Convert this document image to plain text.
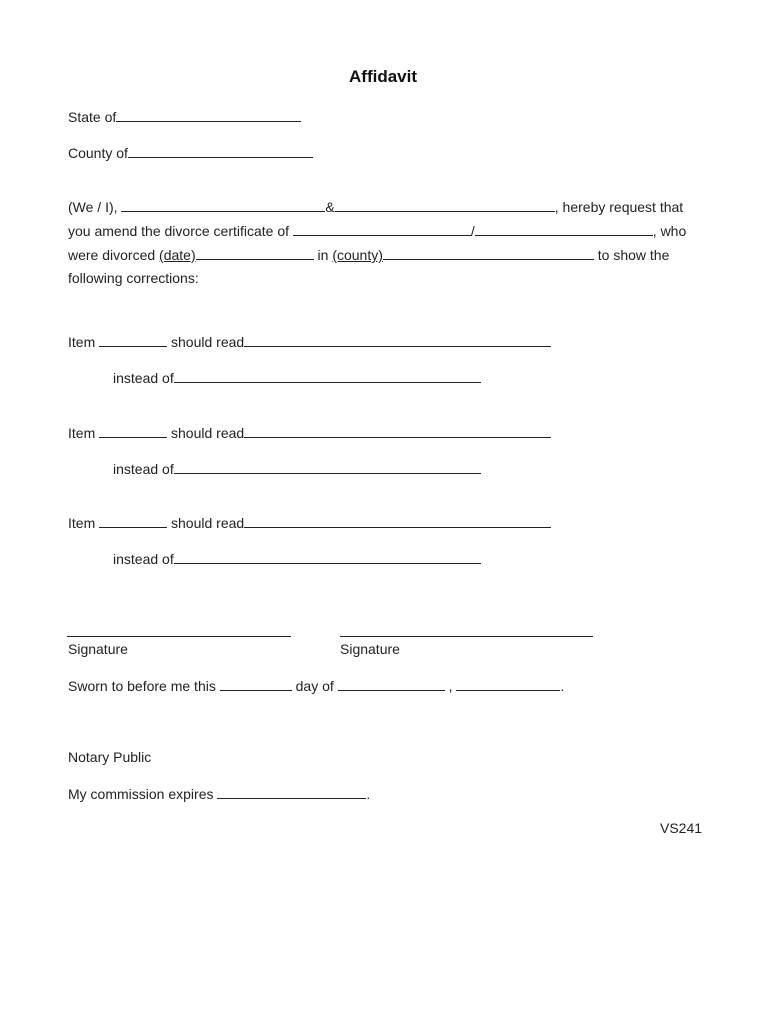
Affidavit
State of
County of
(We / I),	&	, hereby request that
you amend the divorce certificate of	/	, who
were divorced (date)	in (county)	to show the
following corrections:
Item	should read
instead of
Item	should read
instead of
Item	should read
instead of
Signature	Signature
Sworn to before me this	day of	,	.
Notary Public
My commission expires	.
VS241
